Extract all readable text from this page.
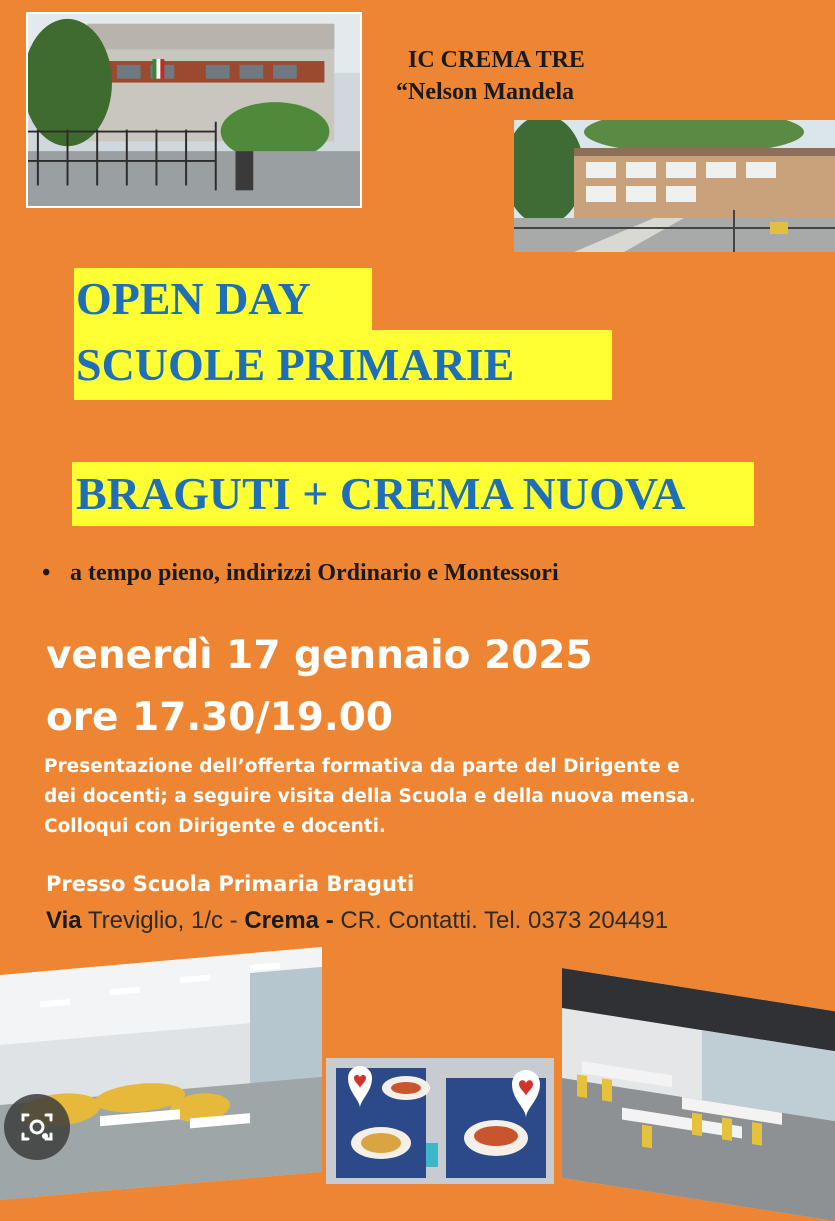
IC CREMA TRE
“Nelson Mandela
OPEN DAY
SCUOLE PRIMARIE
BRAGUTI + CREMA NUOVA
• a tempo pieno, indirizzi Ordinario e Montessori
venerdì 17 gennaio 2025
ore 17.30/19.00
Presentazione dell’offerta formativa da parte del Dirigente e
dei docenti; a seguire visita della Scuola e della nuova mensa.
Colloqui con Dirigente e docenti.
Presso Scuola Primaria Braguti
Via Treviglio, 1/c - Crema - CR. Contatti. Tel. 0373 204491
